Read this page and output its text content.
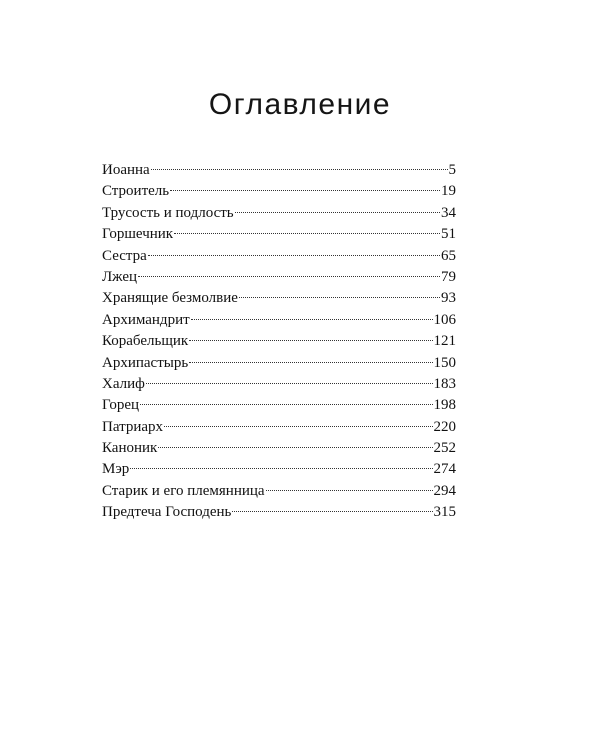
Оглавление
Иоанна	5
Строитель	19
Трусость и подлость	34
Горшечник	51
Сестра	65
Лжец	79
Хранящие безмолвие	93
Архимандрит	106
Корабельщик	121
Архипастырь	150
Халиф	183
Горец	198
Патриарх	220
Каноник	252
Мэр	274
Старик и его племянница	294
Предтеча Господень	315
